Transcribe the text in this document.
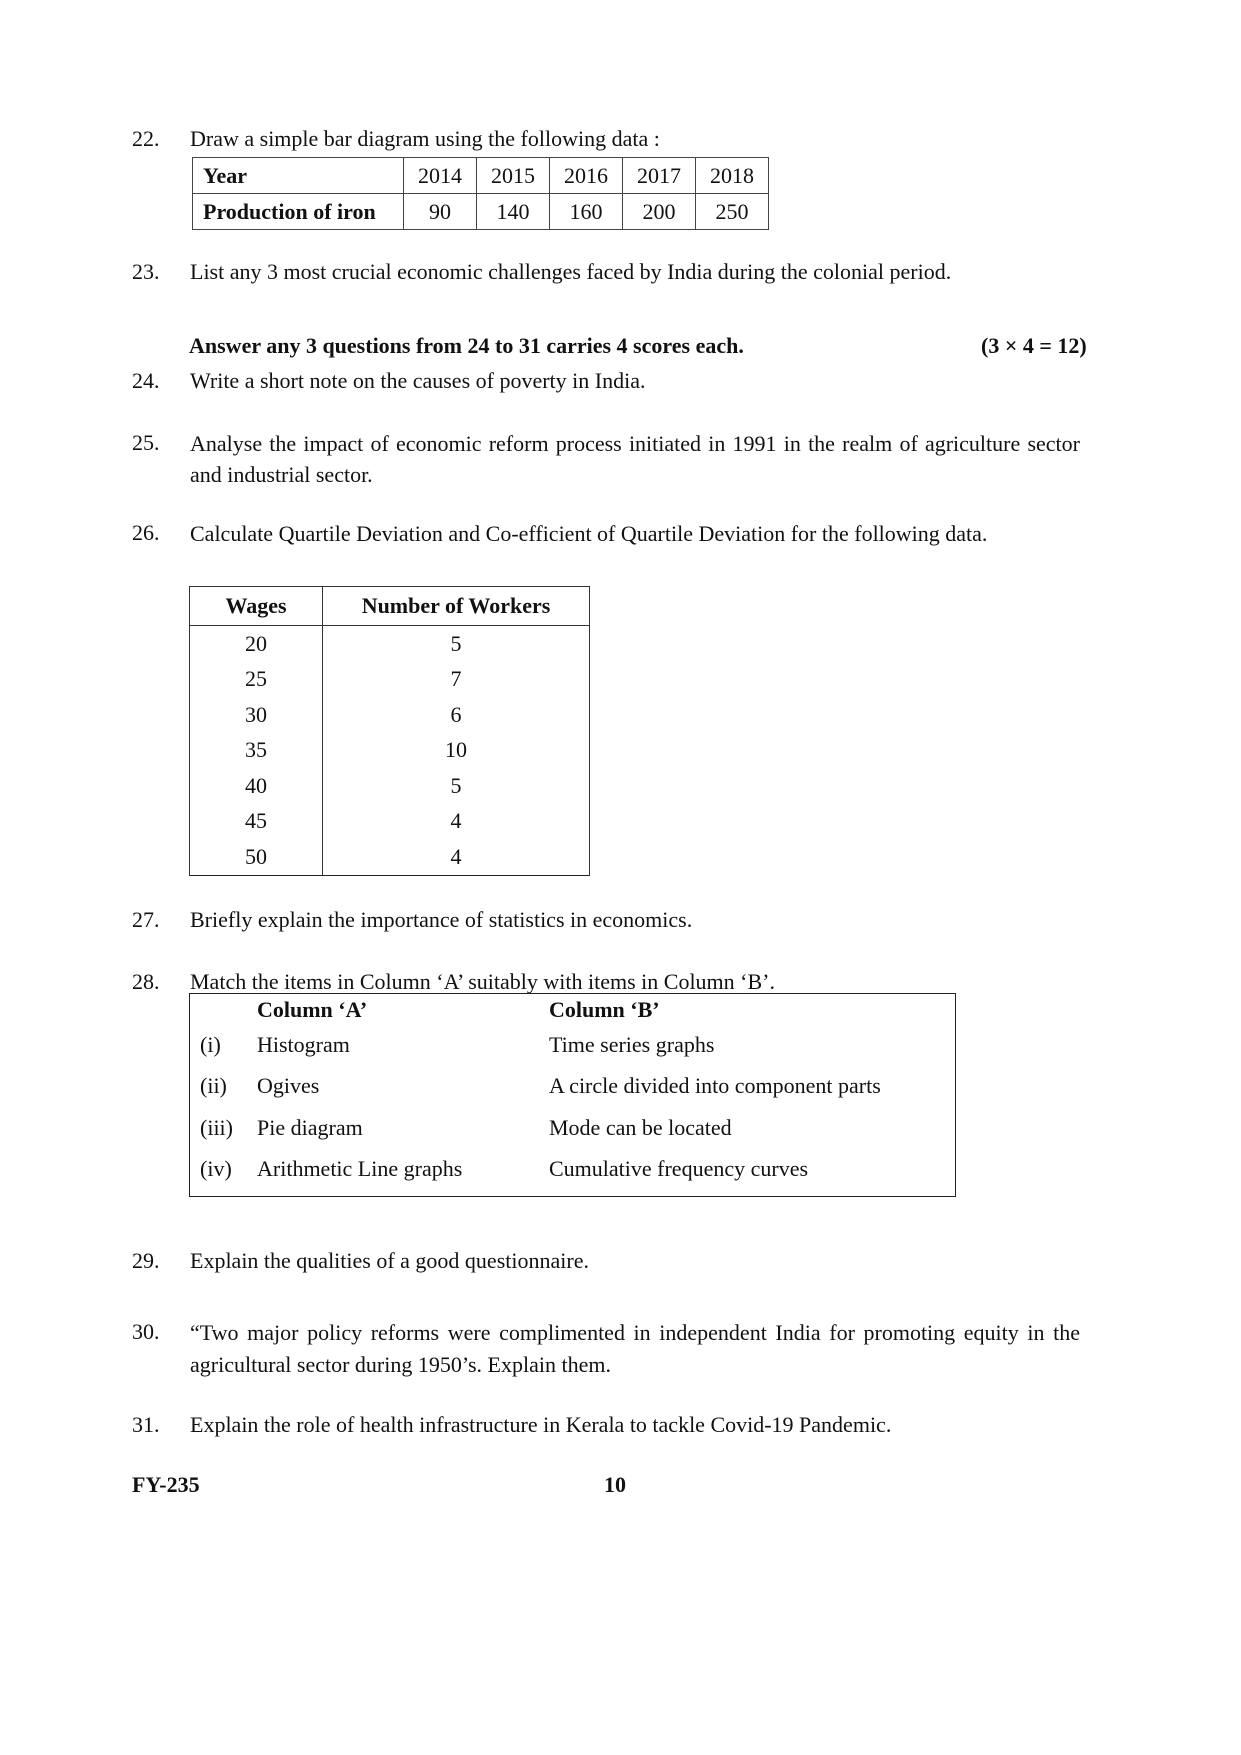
22. Draw a simple bar diagram using the following data :
Year	2014	2015	2016	2017	2018
Production of iron	90	140	160	200	250
23. List any 3 most crucial economic challenges faced by India during the colonial period.
Answer any 3 questions from 24 to 31 carries 4 scores each.	(3 × 4 = 12)
24. Write a short note on the causes of poverty in India.
25. Analyse the impact of economic reform process initiated in 1991 in the realm of agriculture sector and industrial sector.
26. Calculate Quartile Deviation and Co-efficient of Quartile Deviation for the following data.
Wages	Number of Workers
20	5
25	7
30	6
35	10
40	5
45	4
50	4
27. Briefly explain the importance of statistics in economics.
28. Match the items in Column ‘A’ suitably with items in Column ‘B’.
Column ‘A’	Column ‘B’
(i) Histogram	Time series graphs
(ii) Ogives	A circle divided into component parts
(iii) Pie diagram	Mode can be located
(iv) Arithmetic Line graphs	Cumulative frequency curves
29. Explain the qualities of a good questionnaire.
30. “Two major policy reforms were complimented in independent India for promoting equity in the agricultural sector during 1950’s. Explain them.
31. Explain the role of health infrastructure in Kerala to tackle Covid-19 Pandemic.
FY-235	10
